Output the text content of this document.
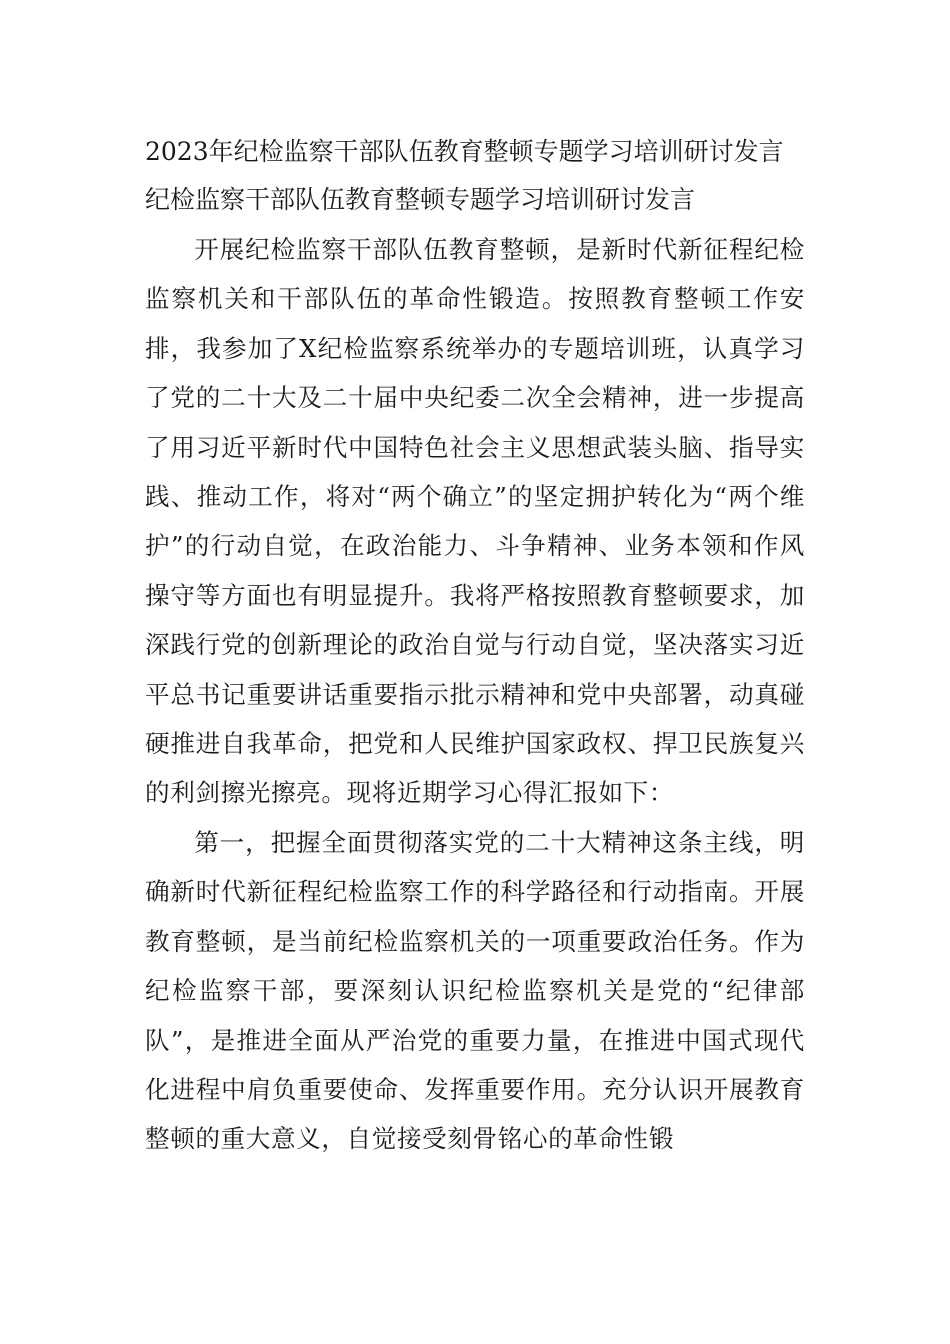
2023年纪检监察干部队伍教育整顿专题学习培训研讨发言
纪检监察干部队伍教育整顿专题学习培训研讨发言

开展纪检监察干部队伍教育整顿，是新时代新征程纪检监察机关和干部队伍的革命性锻造。按照教育整顿工作安排，我参加了X纪检监察系统举办的专题培训班，认真学习了党的二十大及二十届中央纪委二次全会精神，进一步提高了用习近平新时代中国特色社会主义思想武装头脑、指导实践、推动工作，将对“两个确立”的坚定拥护转化为“两个维护”的行动自觉，在政治能力、斗争精神、业务本领和作风操守等方面也有明显提升。我将严格按照教育整顿要求，加深践行党的创新理论的政治自觉与行动自觉，坚决落实习近平总书记重要讲话重要指示批示精神和党中央部署，动真碰硬推进自我革命，把党和人民维护国家政权、捍卫民族复兴的利剑擦光擦亮。现将近期学习心得汇报如下：

第一，把握全面贯彻落实党的二十大精神这条主线，明确新时代新征程纪检监察工作的科学路径和行动指南。开展教育整顿，是当前纪检监察机关的一项重要政治任务。作为纪检监察干部，要深刻认识纪检监察机关是党的“纪律部队”，是推进全面从严治党的重要力量，在推进中国式现代化进程中肩负重要使命、发挥重要作用。充分认识开展教育整顿的重大意义，自觉接受刻骨铭心的革命性锻
